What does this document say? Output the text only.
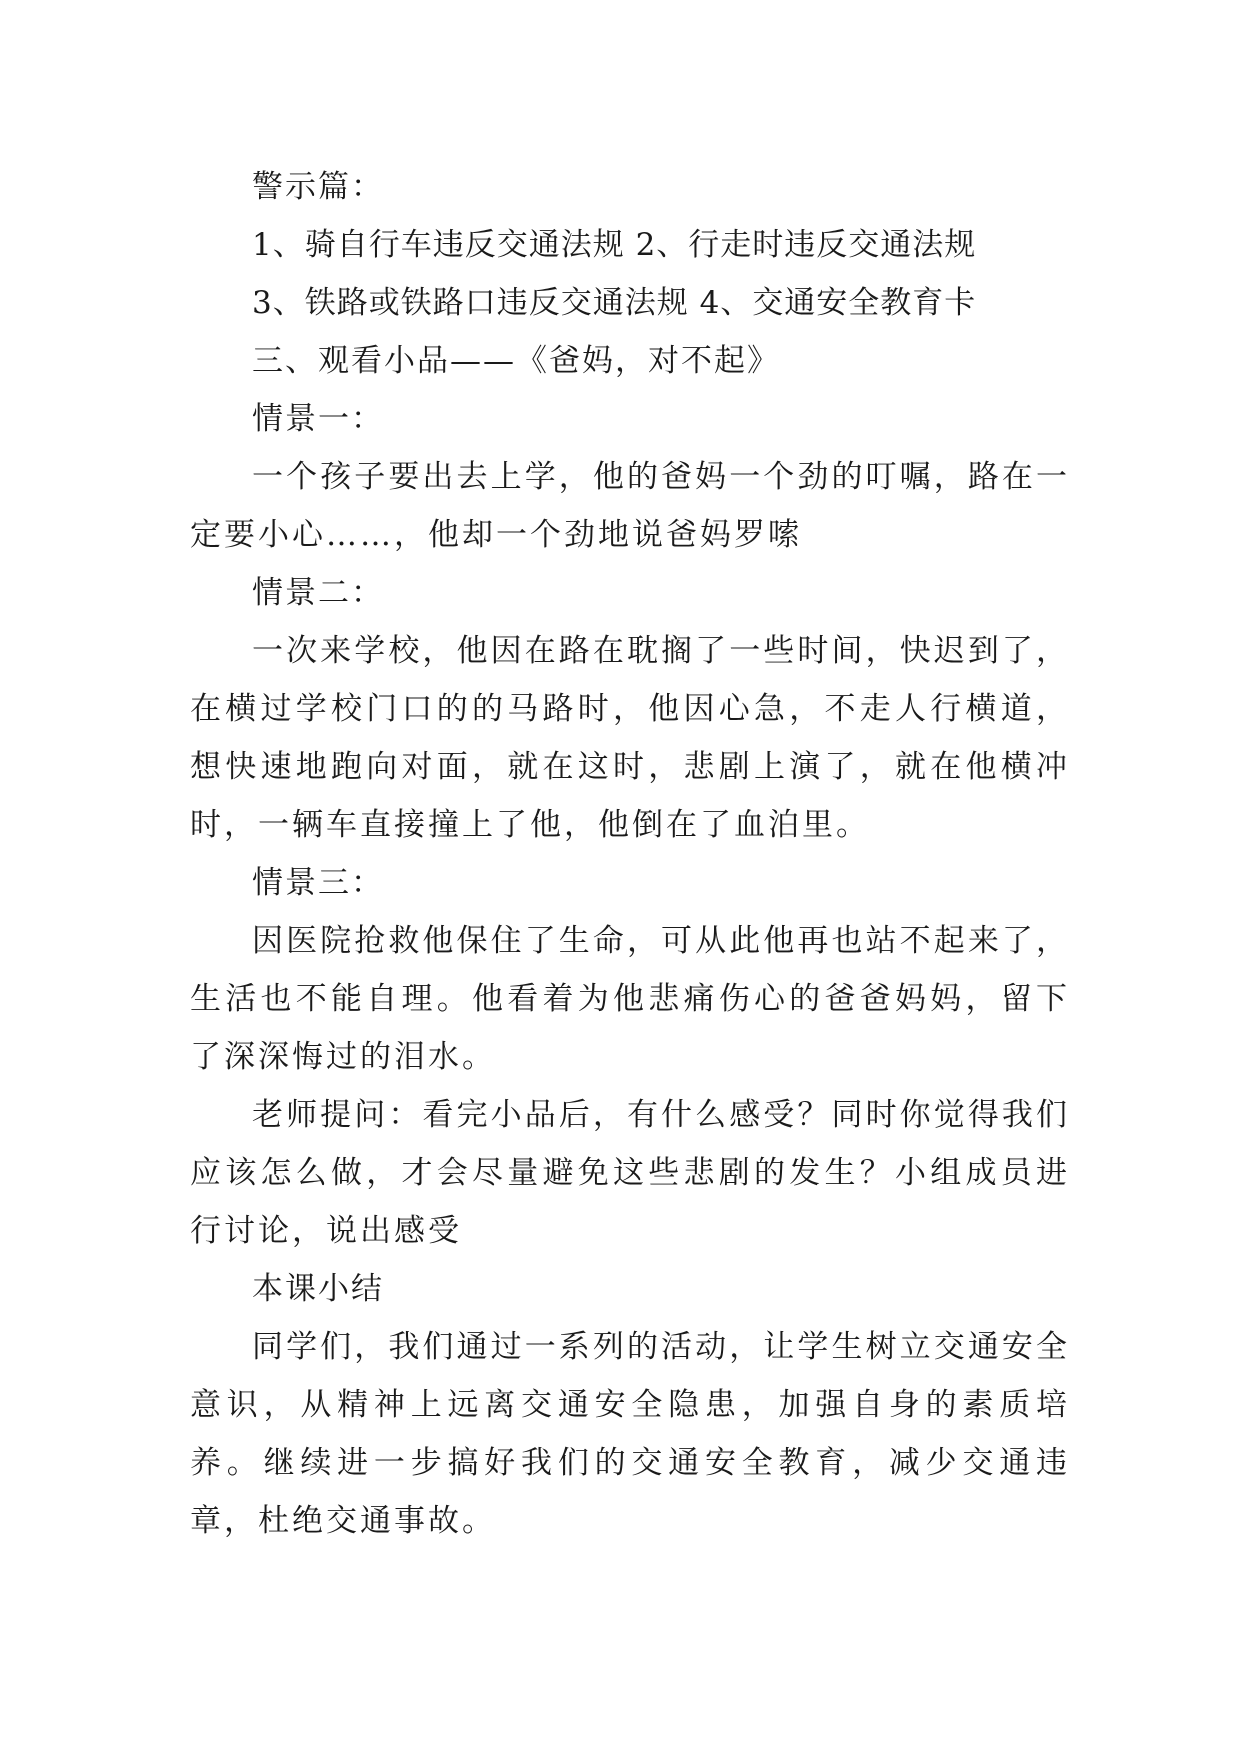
警示篇：

1、骑自行车违反交通法规 2、行走时违反交通法规

3、铁路或铁路口违反交通法规 4、交通安全教育卡

三、观看小品——《爸妈，对不起》

情景一：

一个孩子要出去上学，他的爸妈一个劲的叮嘱，路在一定要小心……，他却一个劲地说爸妈罗嗦

情景二：

一次来学校，他因在路在耽搁了一些时间，快迟到了，在横过学校门口的的马路时，他因心急，不走人行横道，想快速地跑向对面，就在这时，悲剧上演了，就在他横冲时，一辆车直接撞上了他，他倒在了血泊里。

情景三：

因医院抢救他保住了生命，可从此他再也站不起来了，生活也不能自理。他看着为他悲痛伤心的爸爸妈妈，留下了深深悔过的泪水。

老师提问：看完小品后，有什么感受？同时你觉得我们应该怎么做，才会尽量避免这些悲剧的发生？小组成员进行讨论，说出感受

本课小结

同学们，我们通过一系列的活动，让学生树立交通安全意识，从精神上远离交通安全隐患，加强自身的素质培养。继续进一步搞好我们的交通安全教育，减少交通违章，杜绝交通事故。
